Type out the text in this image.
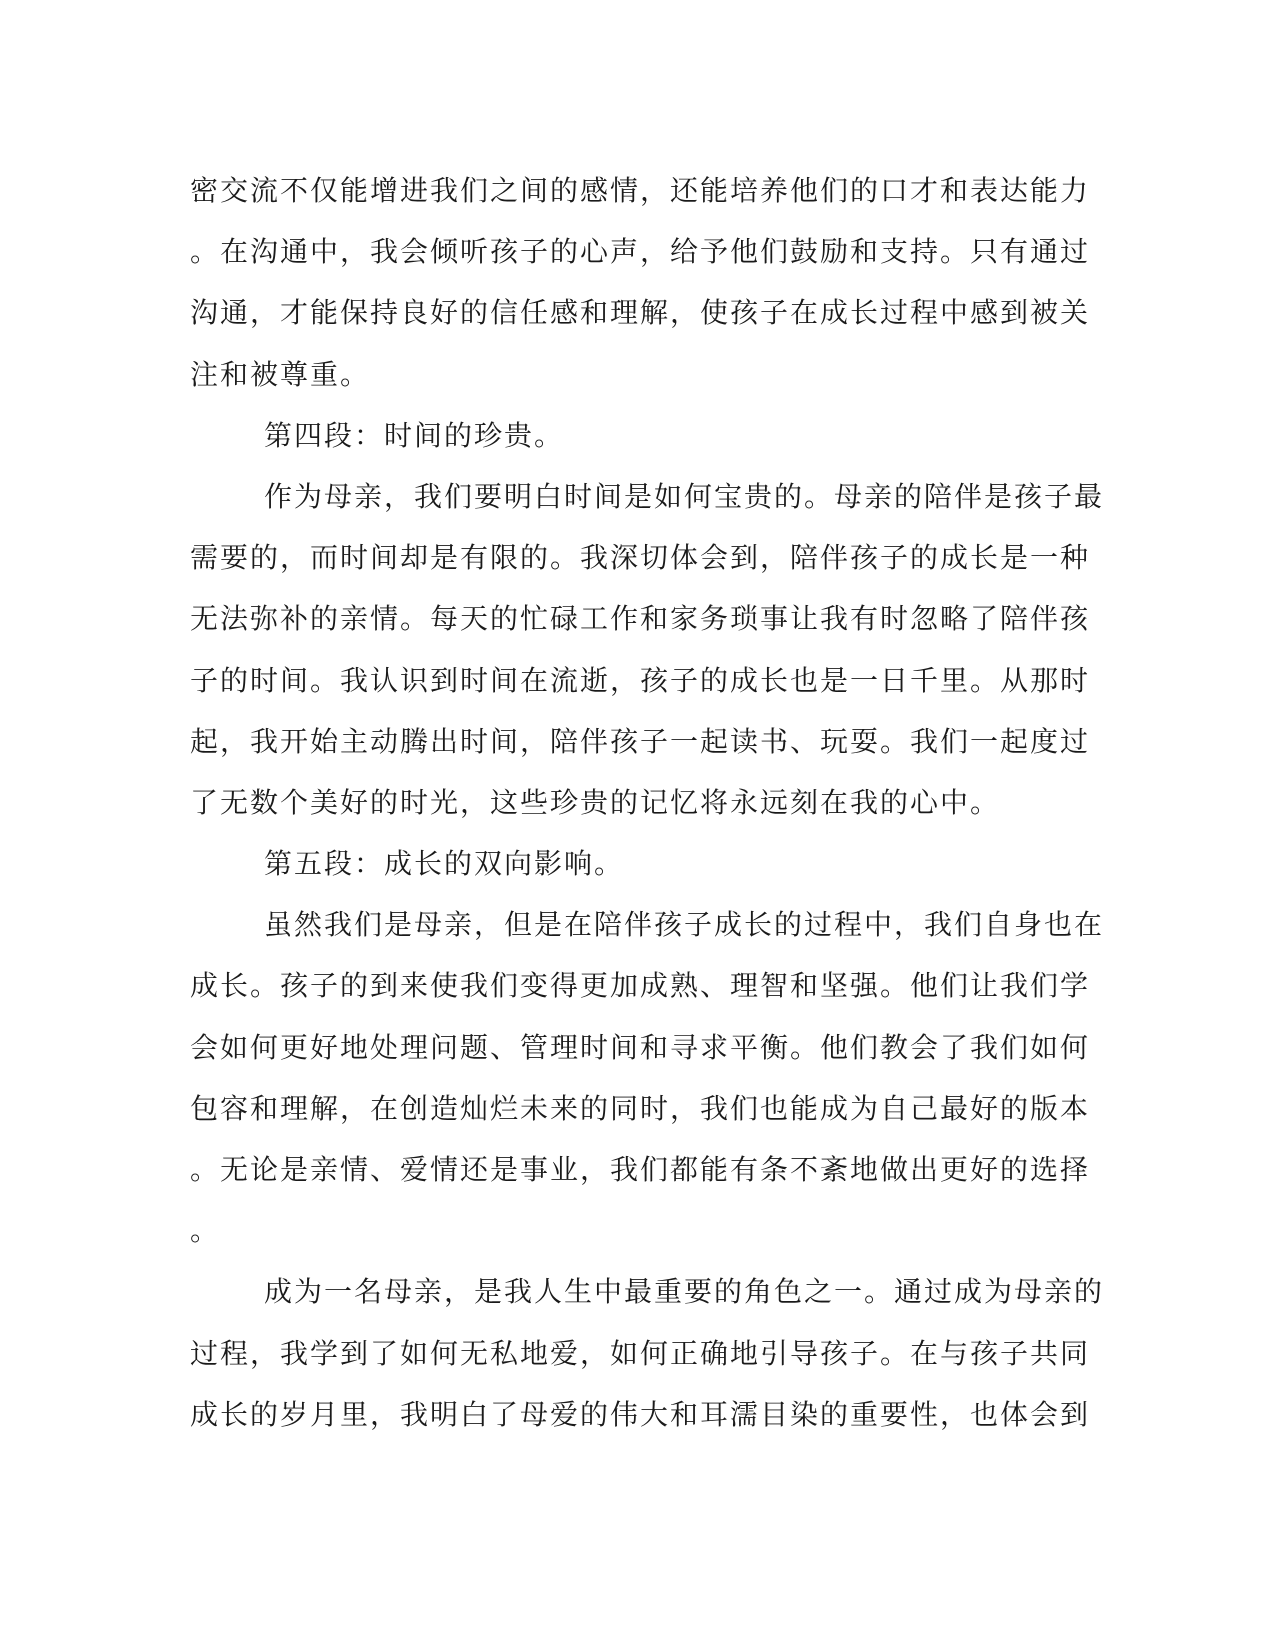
密交流不仅能增进我们之间的感情，还能培养他们的口才和表达能力
。在沟通中，我会倾听孩子的心声，给予他们鼓励和支持。只有通过
沟通，才能保持良好的信任感和理解，使孩子在成长过程中感到被关
注和被尊重。
第四段：时间的珍贵。
作为母亲，我们要明白时间是如何宝贵的。母亲的陪伴是孩子最
需要的，而时间却是有限的。我深切体会到，陪伴孩子的成长是一种
无法弥补的亲情。每天的忙碌工作和家务琐事让我有时忽略了陪伴孩
子的时间。我认识到时间在流逝，孩子的成长也是一日千里。从那时
起，我开始主动腾出时间，陪伴孩子一起读书、玩耍。我们一起度过
了无数个美好的时光，这些珍贵的记忆将永远刻在我的心中。
第五段：成长的双向影响。
虽然我们是母亲，但是在陪伴孩子成长的过程中，我们自身也在
成长。孩子的到来使我们变得更加成熟、理智和坚强。他们让我们学
会如何更好地处理问题、管理时间和寻求平衡。他们教会了我们如何
包容和理解，在创造灿烂未来的同时，我们也能成为自己最好的版本
。无论是亲情、爱情还是事业，我们都能有条不紊地做出更好的选择
。
成为一名母亲，是我人生中最重要的角色之一。通过成为母亲的
过程，我学到了如何无私地爱，如何正确地引导孩子。在与孩子共同
成长的岁月里，我明白了母爱的伟大和耳濡目染的重要性，也体会到
